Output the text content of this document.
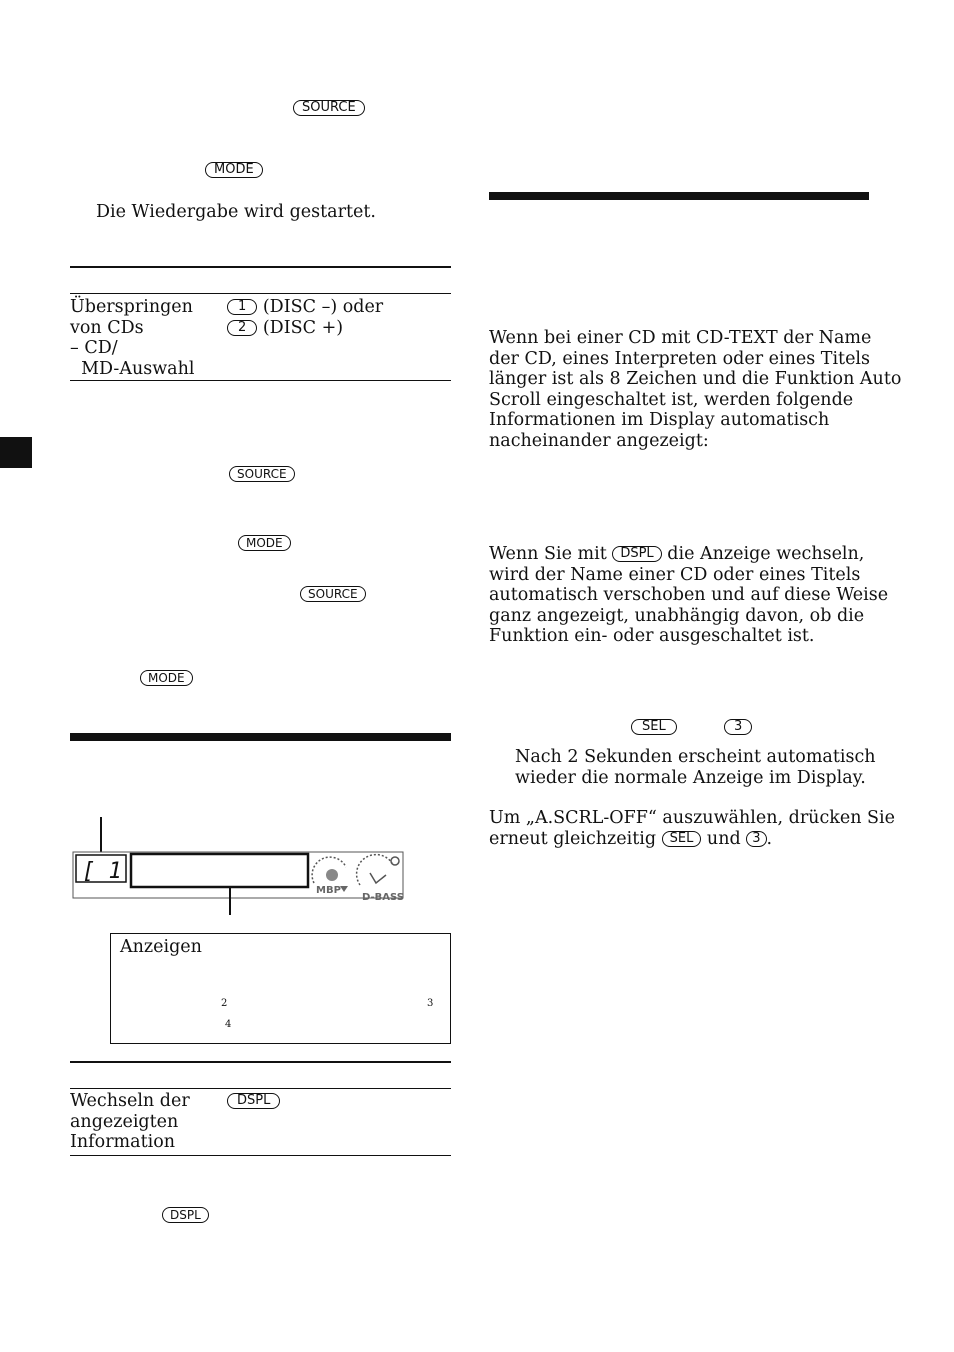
SOURCE
MODE
Die Wiedergabe wird gestartet.
Überspringen
von CDs
– CD/
MD-Auswahl
1 (DISC –) oder
2 (DISC +)
SOURCE
MODE
SOURCE
MODE
[ 1
MBP
D-BASS
Anzeigen
2	3
4
Wechseln der
angezeigten
Information
DSPL
DSPL
Wenn bei einer CD mit CD-TEXT der Name
der CD, eines Interpreten oder eines Titels
länger ist als 8 Zeichen und die Funktion Auto
Scroll eingeschaltet ist, werden folgende
Informationen im Display automatisch
nacheinander angezeigt:
Wenn Sie mit DSPL die Anzeige wechseln,
wird der Name einer CD oder eines Titels
automatisch verschoben und auf diese Weise
ganz angezeigt, unabhängig davon, ob die
Funktion ein- oder ausgeschaltet ist.
SEL	3
Nach 2 Sekunden erscheint automatisch
wieder die normale Anzeige im Display.
Um „A.SCRL-OFF“ auszuwählen, drücken Sie
erneut gleichzeitig SEL und 3 .
